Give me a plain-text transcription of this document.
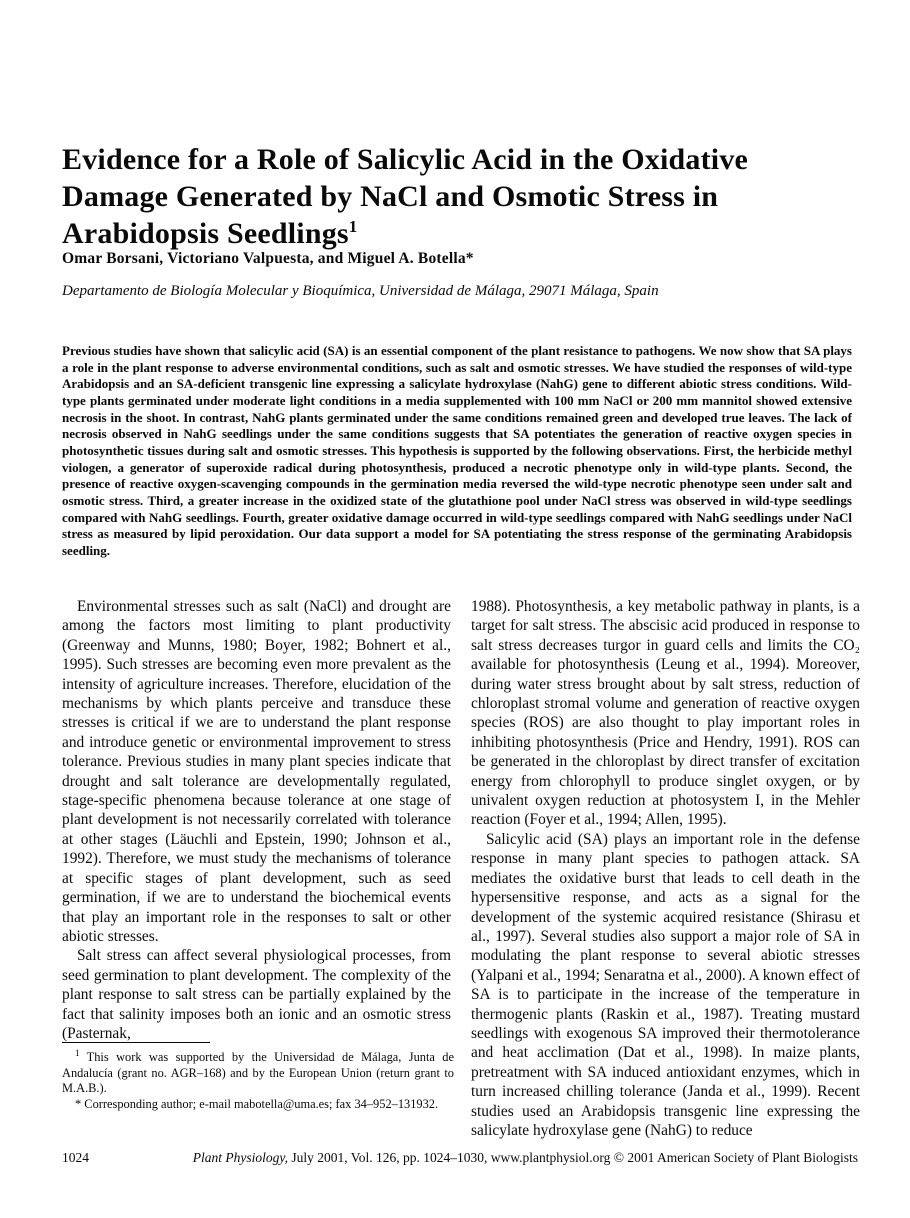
Evidence for a Role of Salicylic Acid in the Oxidative
Damage Generated by NaCl and Osmotic Stress in
Arabidopsis Seedlings$^1$
Omar Borsani, Victoriano Valpuesta, and Miguel A. Botella*
Departamento de Biología Molecular y Bioquímica, Universidad de Málaga, 29071 Málaga, Spain
Previous studies have shown that salicylic acid (SA) is an essential component of the plant resistance to pathogens. We now show that SA plays a role in the plant response to adverse environmental conditions, such as salt and osmotic stresses. We have studied the responses of wild-type Arabidopsis and an SA-deficient transgenic line expressing a salicylate hydroxylase (NahG) gene to different abiotic stress conditions. Wild-type plants germinated under moderate light conditions in a media supplemented with 100 mm NaCl or 200 mm mannitol showed extensive necrosis in the shoot. In contrast, NahG plants germinated under the same conditions remained green and developed true leaves. The lack of necrosis observed in NahG seedlings under the same conditions suggests that SA potentiates the generation of reactive oxygen species in photosynthetic tissues during salt and osmotic stresses. This hypothesis is supported by the following observations. First, the herbicide methyl viologen, a generator of superoxide radical during photosynthesis, produced a necrotic phenotype only in wild-type plants. Second, the presence of reactive oxygen-scavenging compounds in the germination media reversed the wild-type necrotic phenotype seen under salt and osmotic stress. Third, a greater increase in the oxidized state of the glutathione pool under NaCl stress was observed in wild-type seedlings compared with NahG seedlings. Fourth, greater oxidative damage occurred in wild-type seedlings compared with NahG seedlings under NaCl stress as measured by lipid peroxidation. Our data support a model for SA potentiating the stress response of the germinating Arabidopsis seedling.

Environmental stresses such as salt (NaCl) and drought are among the factors most limiting to plant productivity (Greenway and Munns, 1980; Boyer, 1982; Bohnert et al., 1995). Such stresses are becoming even more prevalent as the intensity of agriculture increases. Therefore, elucidation of the mechanisms by which plants perceive and transduce these stresses is critical if we are to understand the plant response and introduce genetic or environmental improvement to stress tolerance. Previous studies in many plant species indicate that drought and salt tolerance are developmentally regulated, stage-specific phenomena because tolerance at one stage of plant development is not necessarily correlated with tolerance at other stages (Läuchli and Epstein, 1990; Johnson et al., 1992). Therefore, we must study the mechanisms of tolerance at specific stages of plant development, such as seed germination, if we are to understand the biochemical events that play an important role in the responses to salt or other abiotic stresses.

Salt stress can affect several physiological processes, from seed germination to plant development. The complexity of the plant response to salt stress can be partially explained by the fact that salinity imposes both an ionic and an osmotic stress (Pasternak,

1988). Photosynthesis, a key metabolic pathway in plants, is a target for salt stress. The abscisic acid produced in response to salt stress decreases turgor in guard cells and limits the CO₂ available for photosynthesis (Leung et al., 1994). Moreover, during water stress brought about by salt stress, reduction of chloroplast stromal volume and generation of reactive oxygen species (ROS) are also thought to play important roles in inhibiting photosynthesis (Price and Hendry, 1991). ROS can be generated in the chloroplast by direct transfer of excitation energy from chlorophyll to produce singlet oxygen, or by univalent oxygen reduction at photosystem I, in the Mehler reaction (Foyer et al., 1994; Allen, 1995).

Salicylic acid (SA) plays an important role in the defense response in many plant species to pathogen attack. SA mediates the oxidative burst that leads to cell death in the hypersensitive response, and acts as a signal for the development of the systemic acquired resistance (Shirasu et al., 1997). Several studies also support a major role of SA in modulating the plant response to several abiotic stresses (Yalpani et al., 1994; Senaratna et al., 2000). A known effect of SA is to participate in the increase of the temperature in thermogenic plants (Raskin et al., 1987). Treating mustard seedlings with exogenous SA improved their thermotolerance and heat acclimation (Dat et al., 1998). In maize plants, pretreatment with SA induced antioxidant enzymes, which in turn increased chilling tolerance (Janda et al., 1999). Recent studies used an Arabidopsis transgenic line expressing the salicylate hydroxylase gene (NahG) to reduce

$^1$ This work was supported by the Universidad de Málaga, Junta de Andalucía (grant no. AGR–168) and by the European Union (return grant to M.A.B.).

* Corresponding author; e-mail mabotella@uma.es; fax 34–952–131932.

1024	Plant Physiology, July 2001, Vol. 126, pp. 1024–1030, www.plantphysiol.org © 2001 American Society of Plant Biologists
